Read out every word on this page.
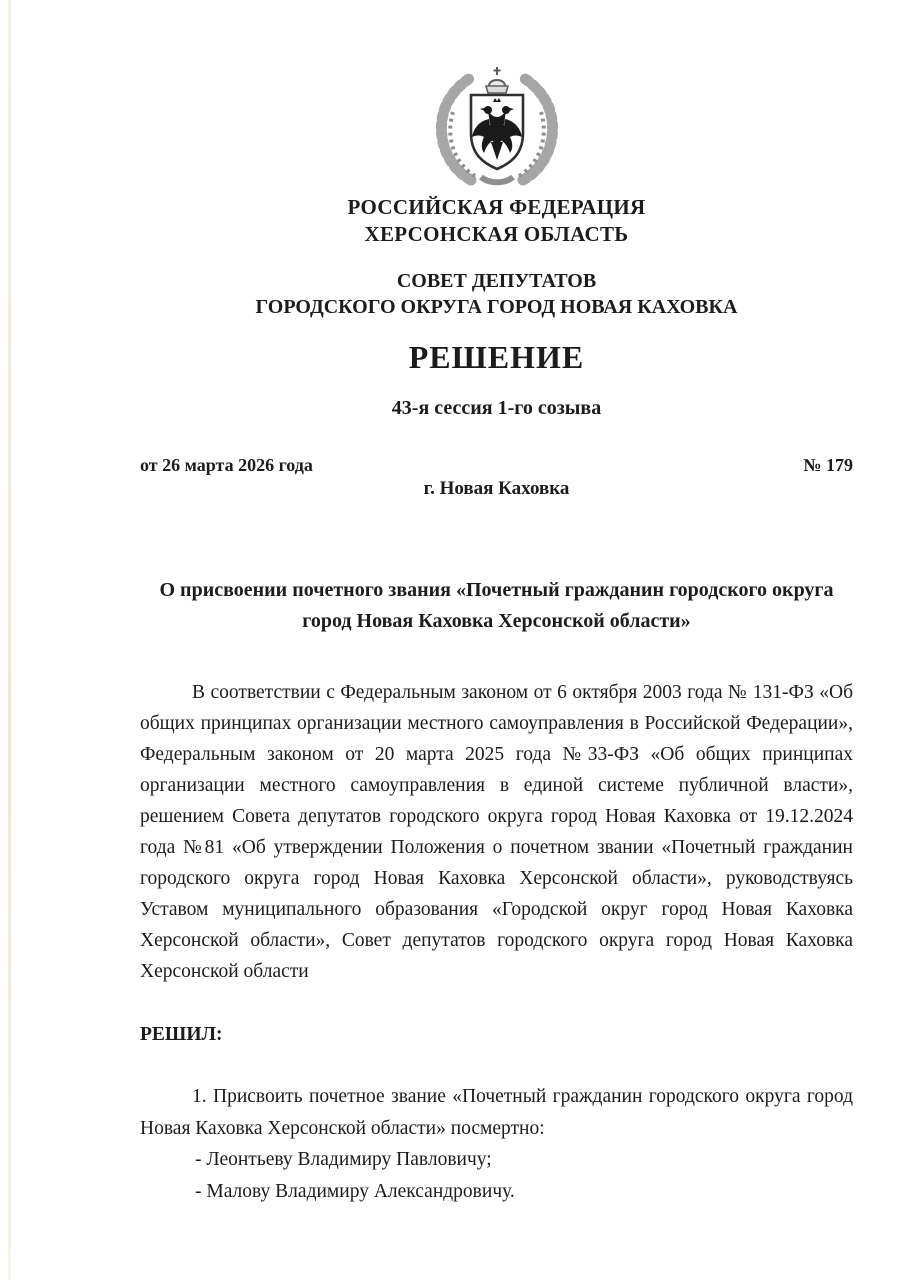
РОССИЙСКАЯ ФЕДЕРАЦИЯ
ХЕРСОНСКАЯ ОБЛАСТЬ
СОВЕТ ДЕПУТАТОВ
ГОРОДСКОГО ОКРУГА ГОРОД НОВАЯ КАХОВКА
РЕШЕНИЕ
43-я сессия 1-го созыва
от 26 марта 2026 года	№ 179
г. Новая Каховка
О присвоении почетного звания «Почетный гражданин городского округа город Новая Каховка Херсонской области»

В соответствии с Федеральным законом от 6 октября 2003 года № 131-ФЗ «Об общих принципах организации местного самоуправления в Российской Федерации», Федеральным законом от 20 марта 2025 года №33-ФЗ «Об общих принципах организации местного самоуправления в единой системе публичной власти», решением Совета депутатов городского округа город Новая Каховка от 19.12.2024 года №81 «Об утверждении Положения о почетном звании «Почетный гражданин городского округа город Новая Каховка Херсонской области», руководствуясь Уставом муниципального образования «Городской округ город Новая Каховка Херсонской области», Совет депутатов городского округа город Новая Каховка Херсонской области

РЕШИЛ:

1. Присвоить почетное звание «Почетный гражданин городского округа город Новая Каховка Херсонской области» посмертно:

- Леонтьеву Владимиру Павловичу;

- Малову Владимиру Александровичу.
